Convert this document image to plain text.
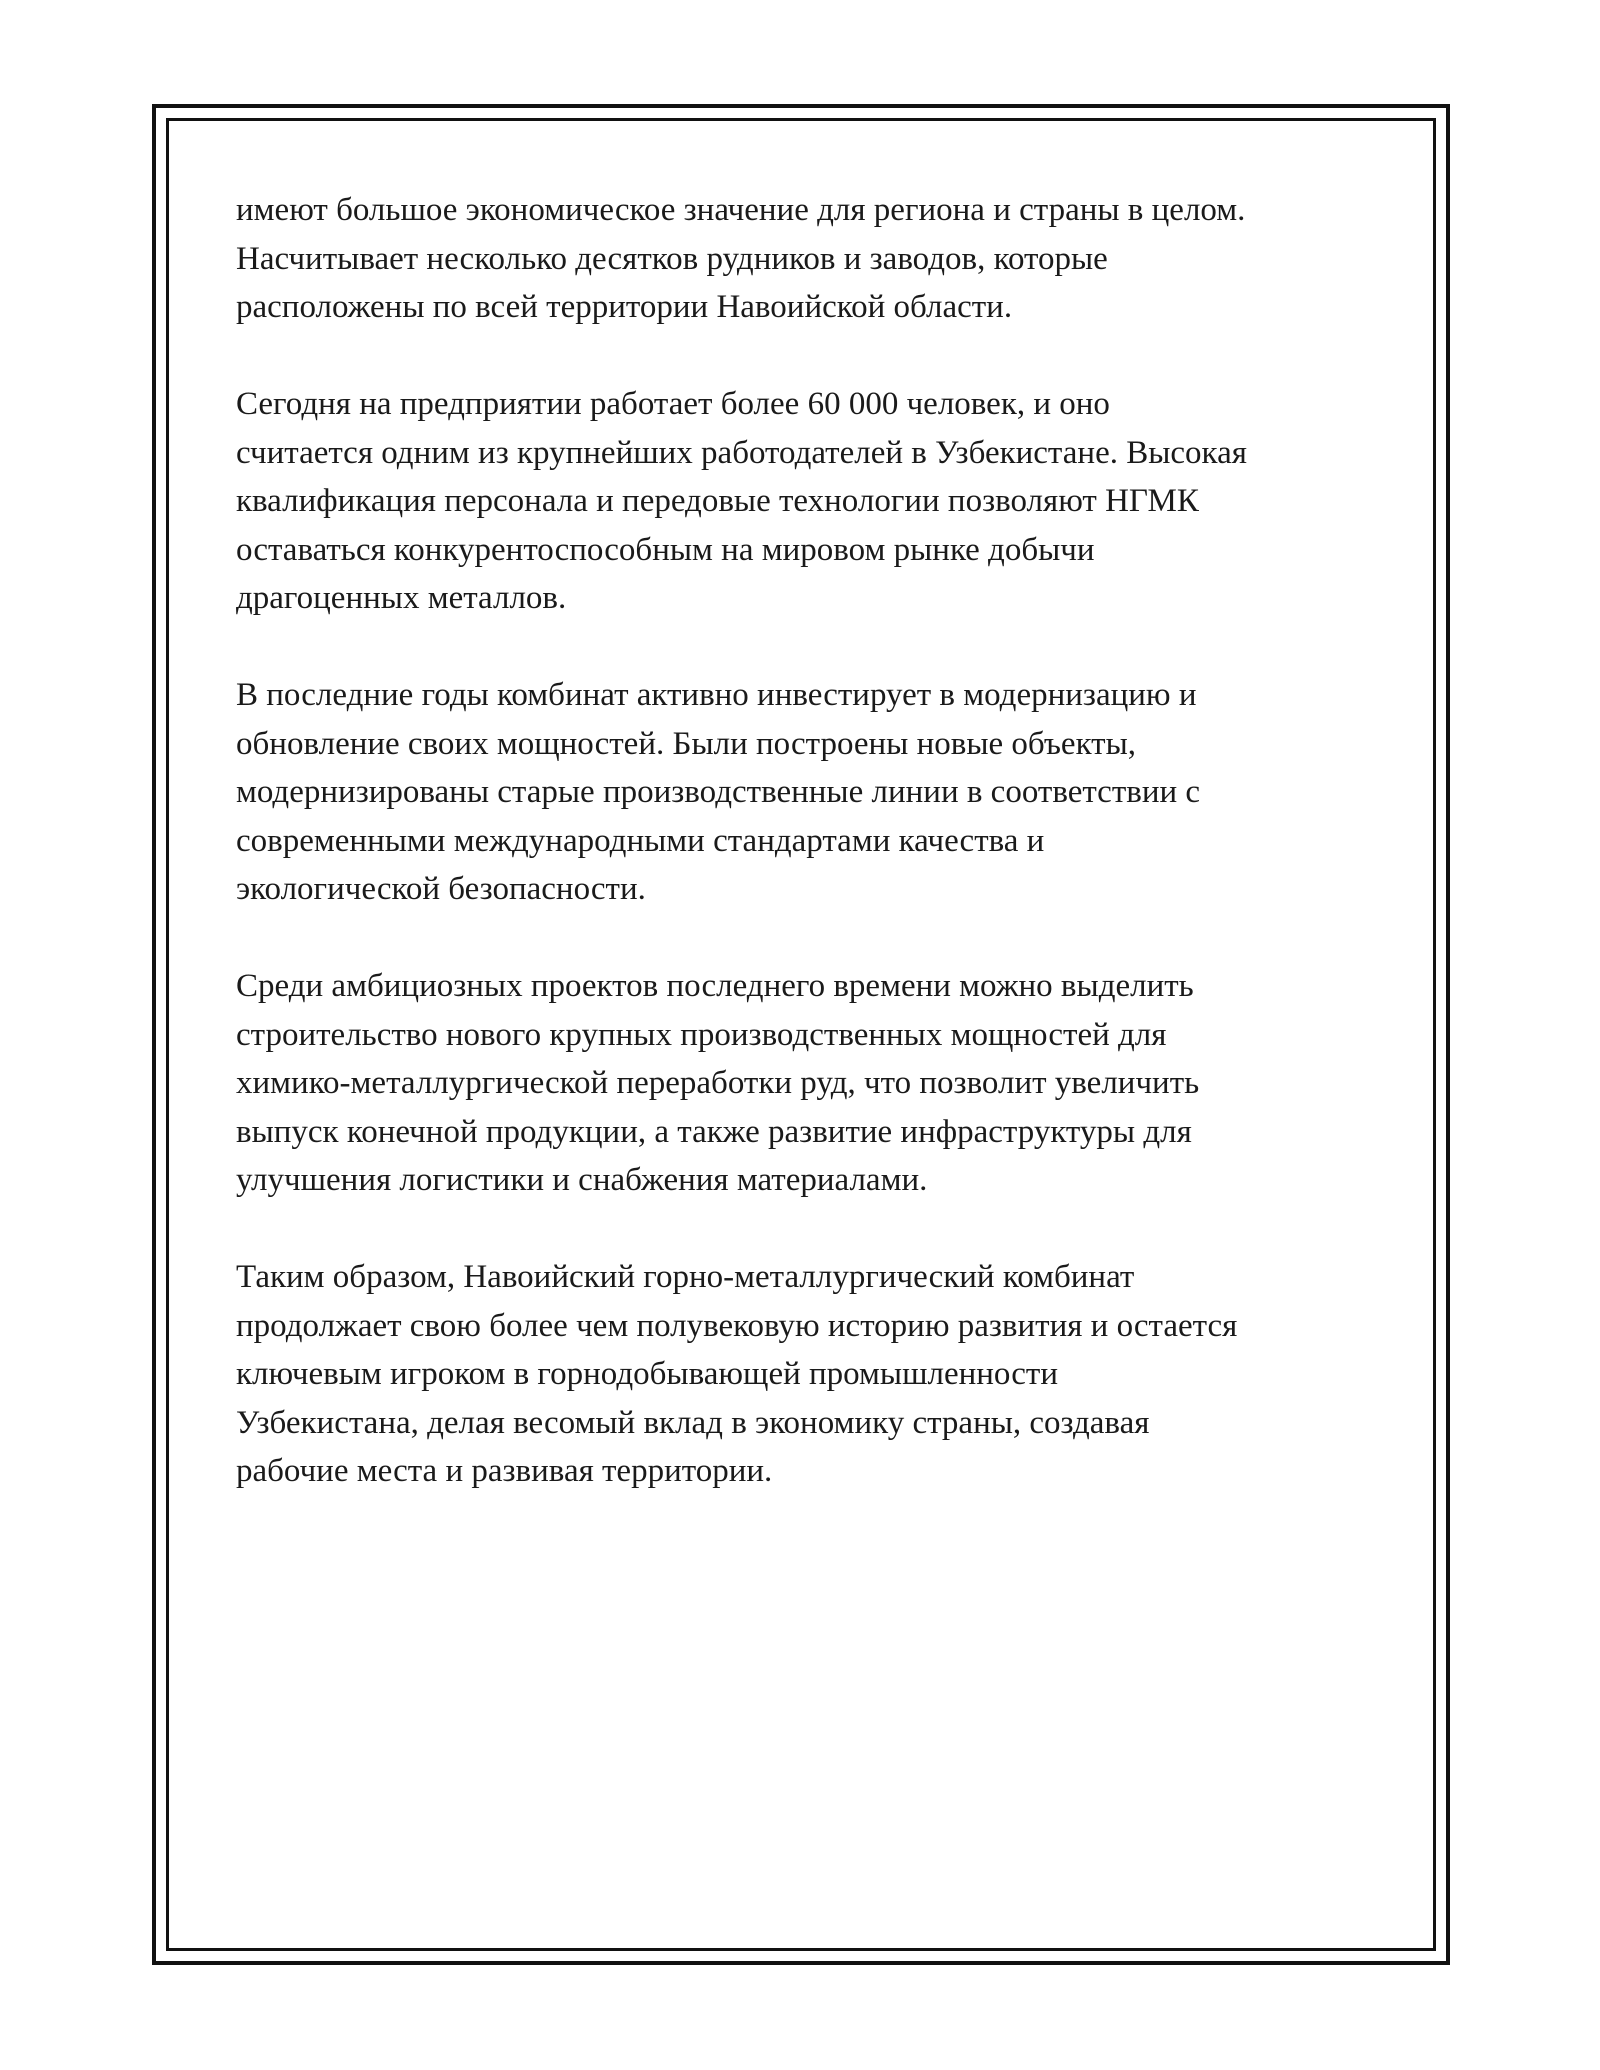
имеют большое экономическое значение для региона и страны в целом.
Насчитывает несколько десятков рудников и заводов, которые
расположены по всей территории Навоийской области.

Сегодня на предприятии работает более 60 000 человек, и оно
считается одним из крупнейших работодателей в Узбекистане. Высокая
квалификация персонала и передовые технологии позволяют НГМК
оставаться конкурентоспособным на мировом рынке добычи
драгоценных металлов.

В последние годы комбинат активно инвестирует в модернизацию и
обновление своих мощностей. Были построены новые объекты,
модернизированы старые производственные линии в соответствии с
современными международными стандартами качества и
экологической безопасности.

Среди амбициозных проектов последнего времени можно выделить
строительство нового крупных производственных мощностей для
химико-металлургической переработки руд, что позволит увеличить
выпуск конечной продукции, а также развитие инфраструктуры для
улучшения логистики и снабжения материалами.

Таким образом, Навоийский горно-металлургический комбинат
продолжает свою более чем полувековую историю развития и остается
ключевым игроком в горнодобывающей промышленности
Узбекистана, делая весомый вклад в экономику страны, создавая
рабочие места и развивая территории.
